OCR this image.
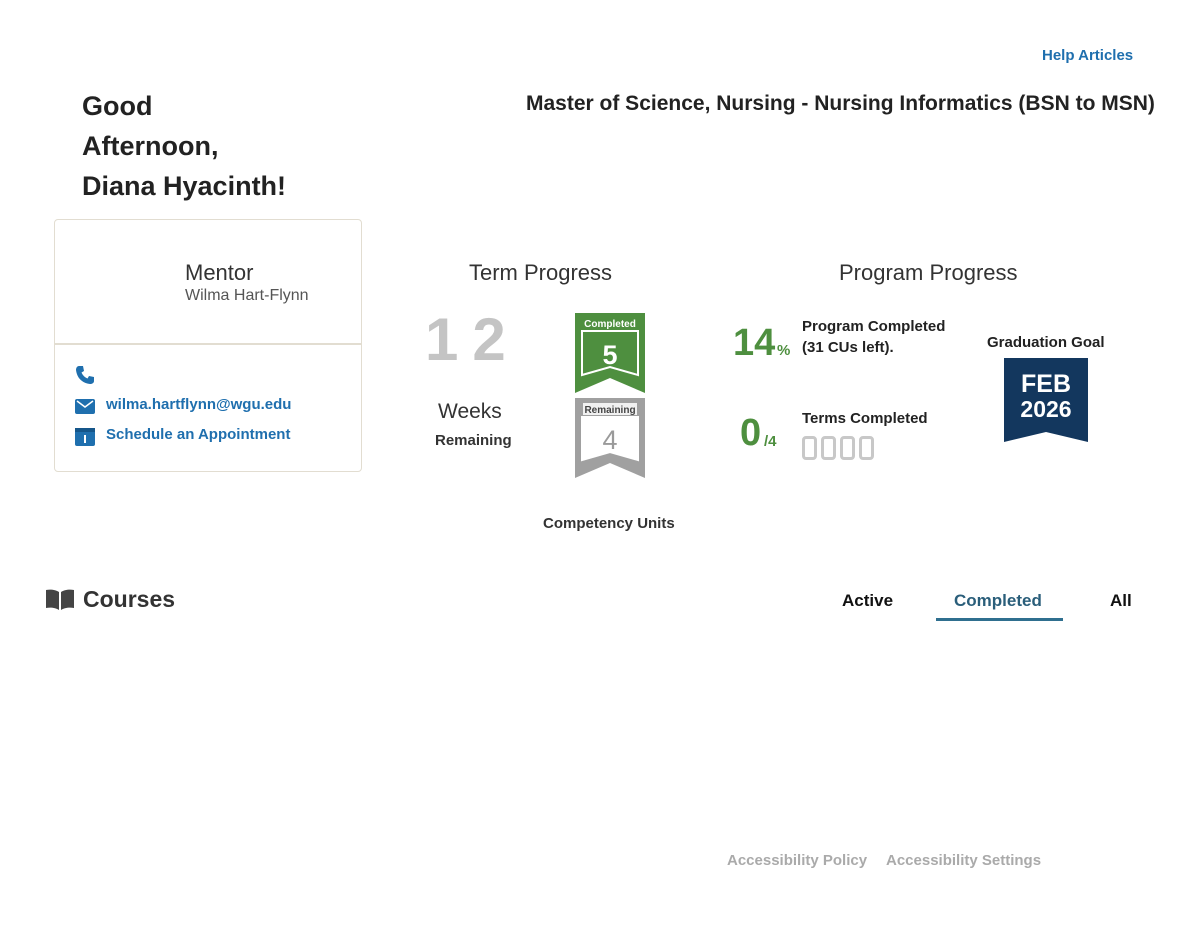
Help Articles
Good
Afternoon,
Diana Hyacinth!
Master of Science, Nursing - Nursing Informatics (BSN to MSN)
Mentor
Wilma Hart-Flynn
wilma.hartflynn@wgu.edu
Schedule an Appointment
Term Progress
12
Weeks
Remaining
Completed
5
Remaining
4
Competency Units
Program Progress
14 %
Program Completed
(31 CUs left).
0 /4
Terms Completed
Graduation Goal
FEB
2026
Courses	Active	Completed	All
Accessibility Policy Accessibility Settings
